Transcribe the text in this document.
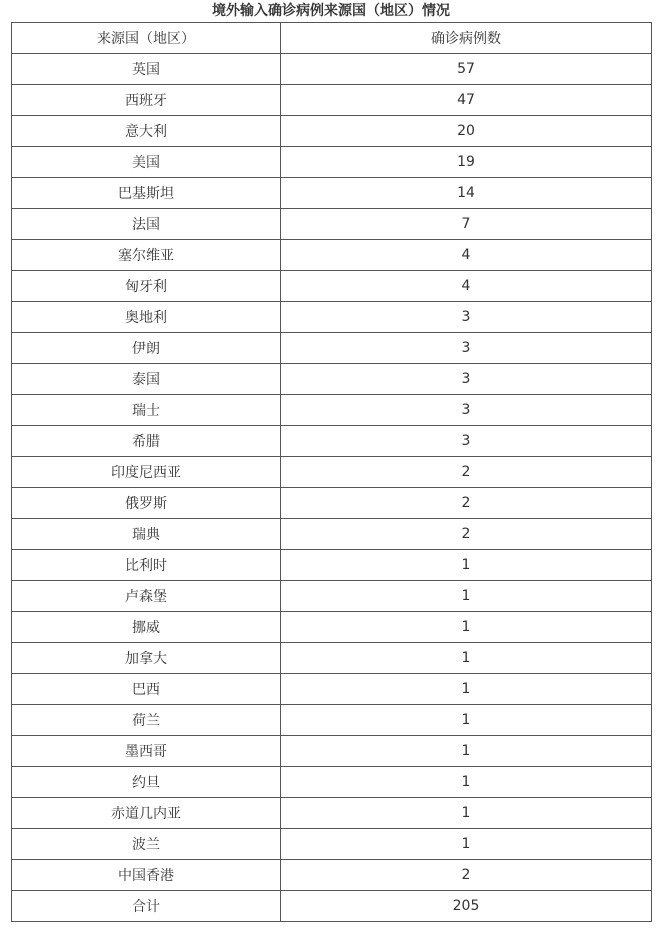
境外输入确诊病例来源国（地区）情况
来源国（地区）	确诊病例数
英国	57
西班牙	47
意大利	20
美国	19
巴基斯坦	14
法国	7
塞尔维亚	4
匈牙利	4
奥地利	3
伊朗	3
泰国	3
瑞士	3
希腊	3
印度尼西亚	2
俄罗斯	2
瑞典	2
比利时	1
卢森堡	1
挪威	1
加拿大	1
巴西	1
荷兰	1
墨西哥	1
约旦	1
赤道几内亚	1
波兰	1
中国香港	2
合计	205
